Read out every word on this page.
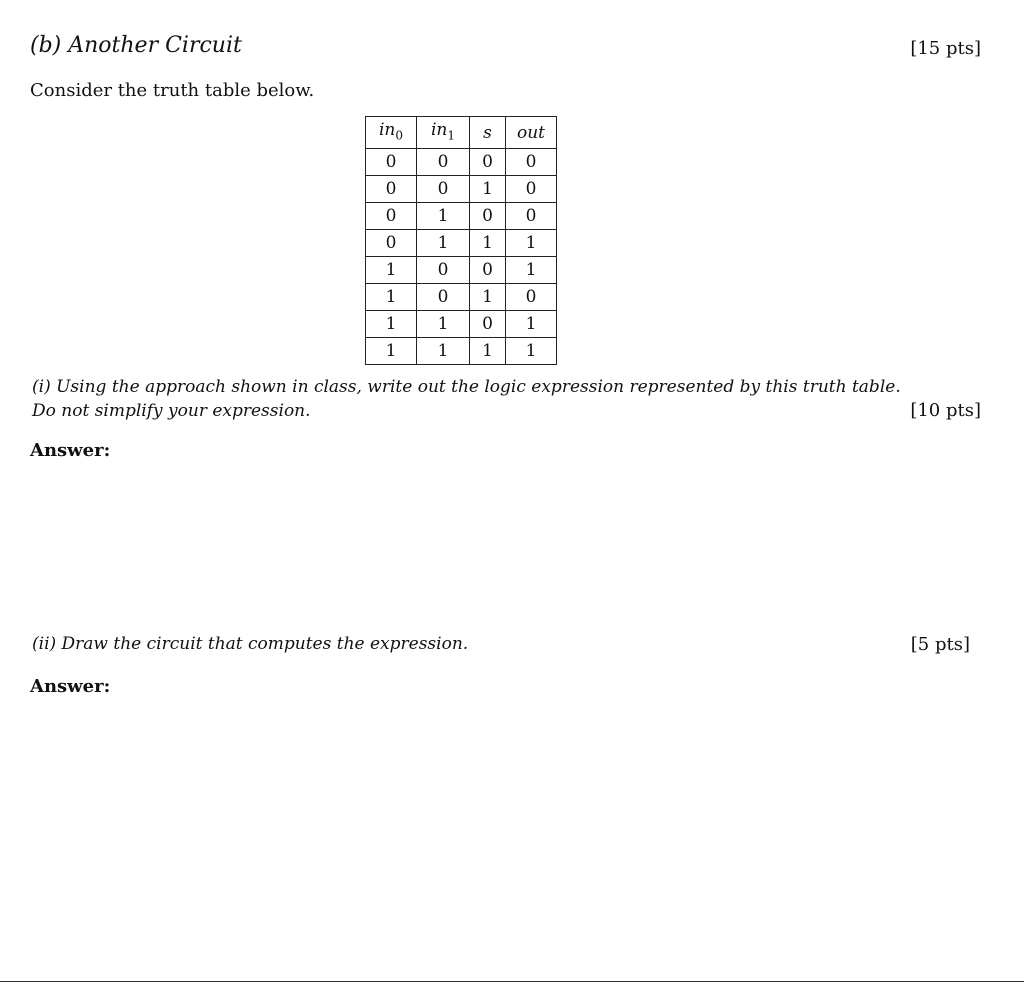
(b) Another Circuit	[15 pts]
Consider the truth table below.
$in_0$	$in_1$	s	out
0	0	0	0
0	0	1	0
0	1	0	0
0	1	1	1
1	0	0	1
1	0	1	0
1	1	0	1
1	1	1	1
(i) Using the approach shown in class, write out the logic expression represented by this truth table.
Do not simplify your expression.	[10 pts]
Answer:
(ii) Draw the circuit that computes the expression.	[5 pts]
Answer:
